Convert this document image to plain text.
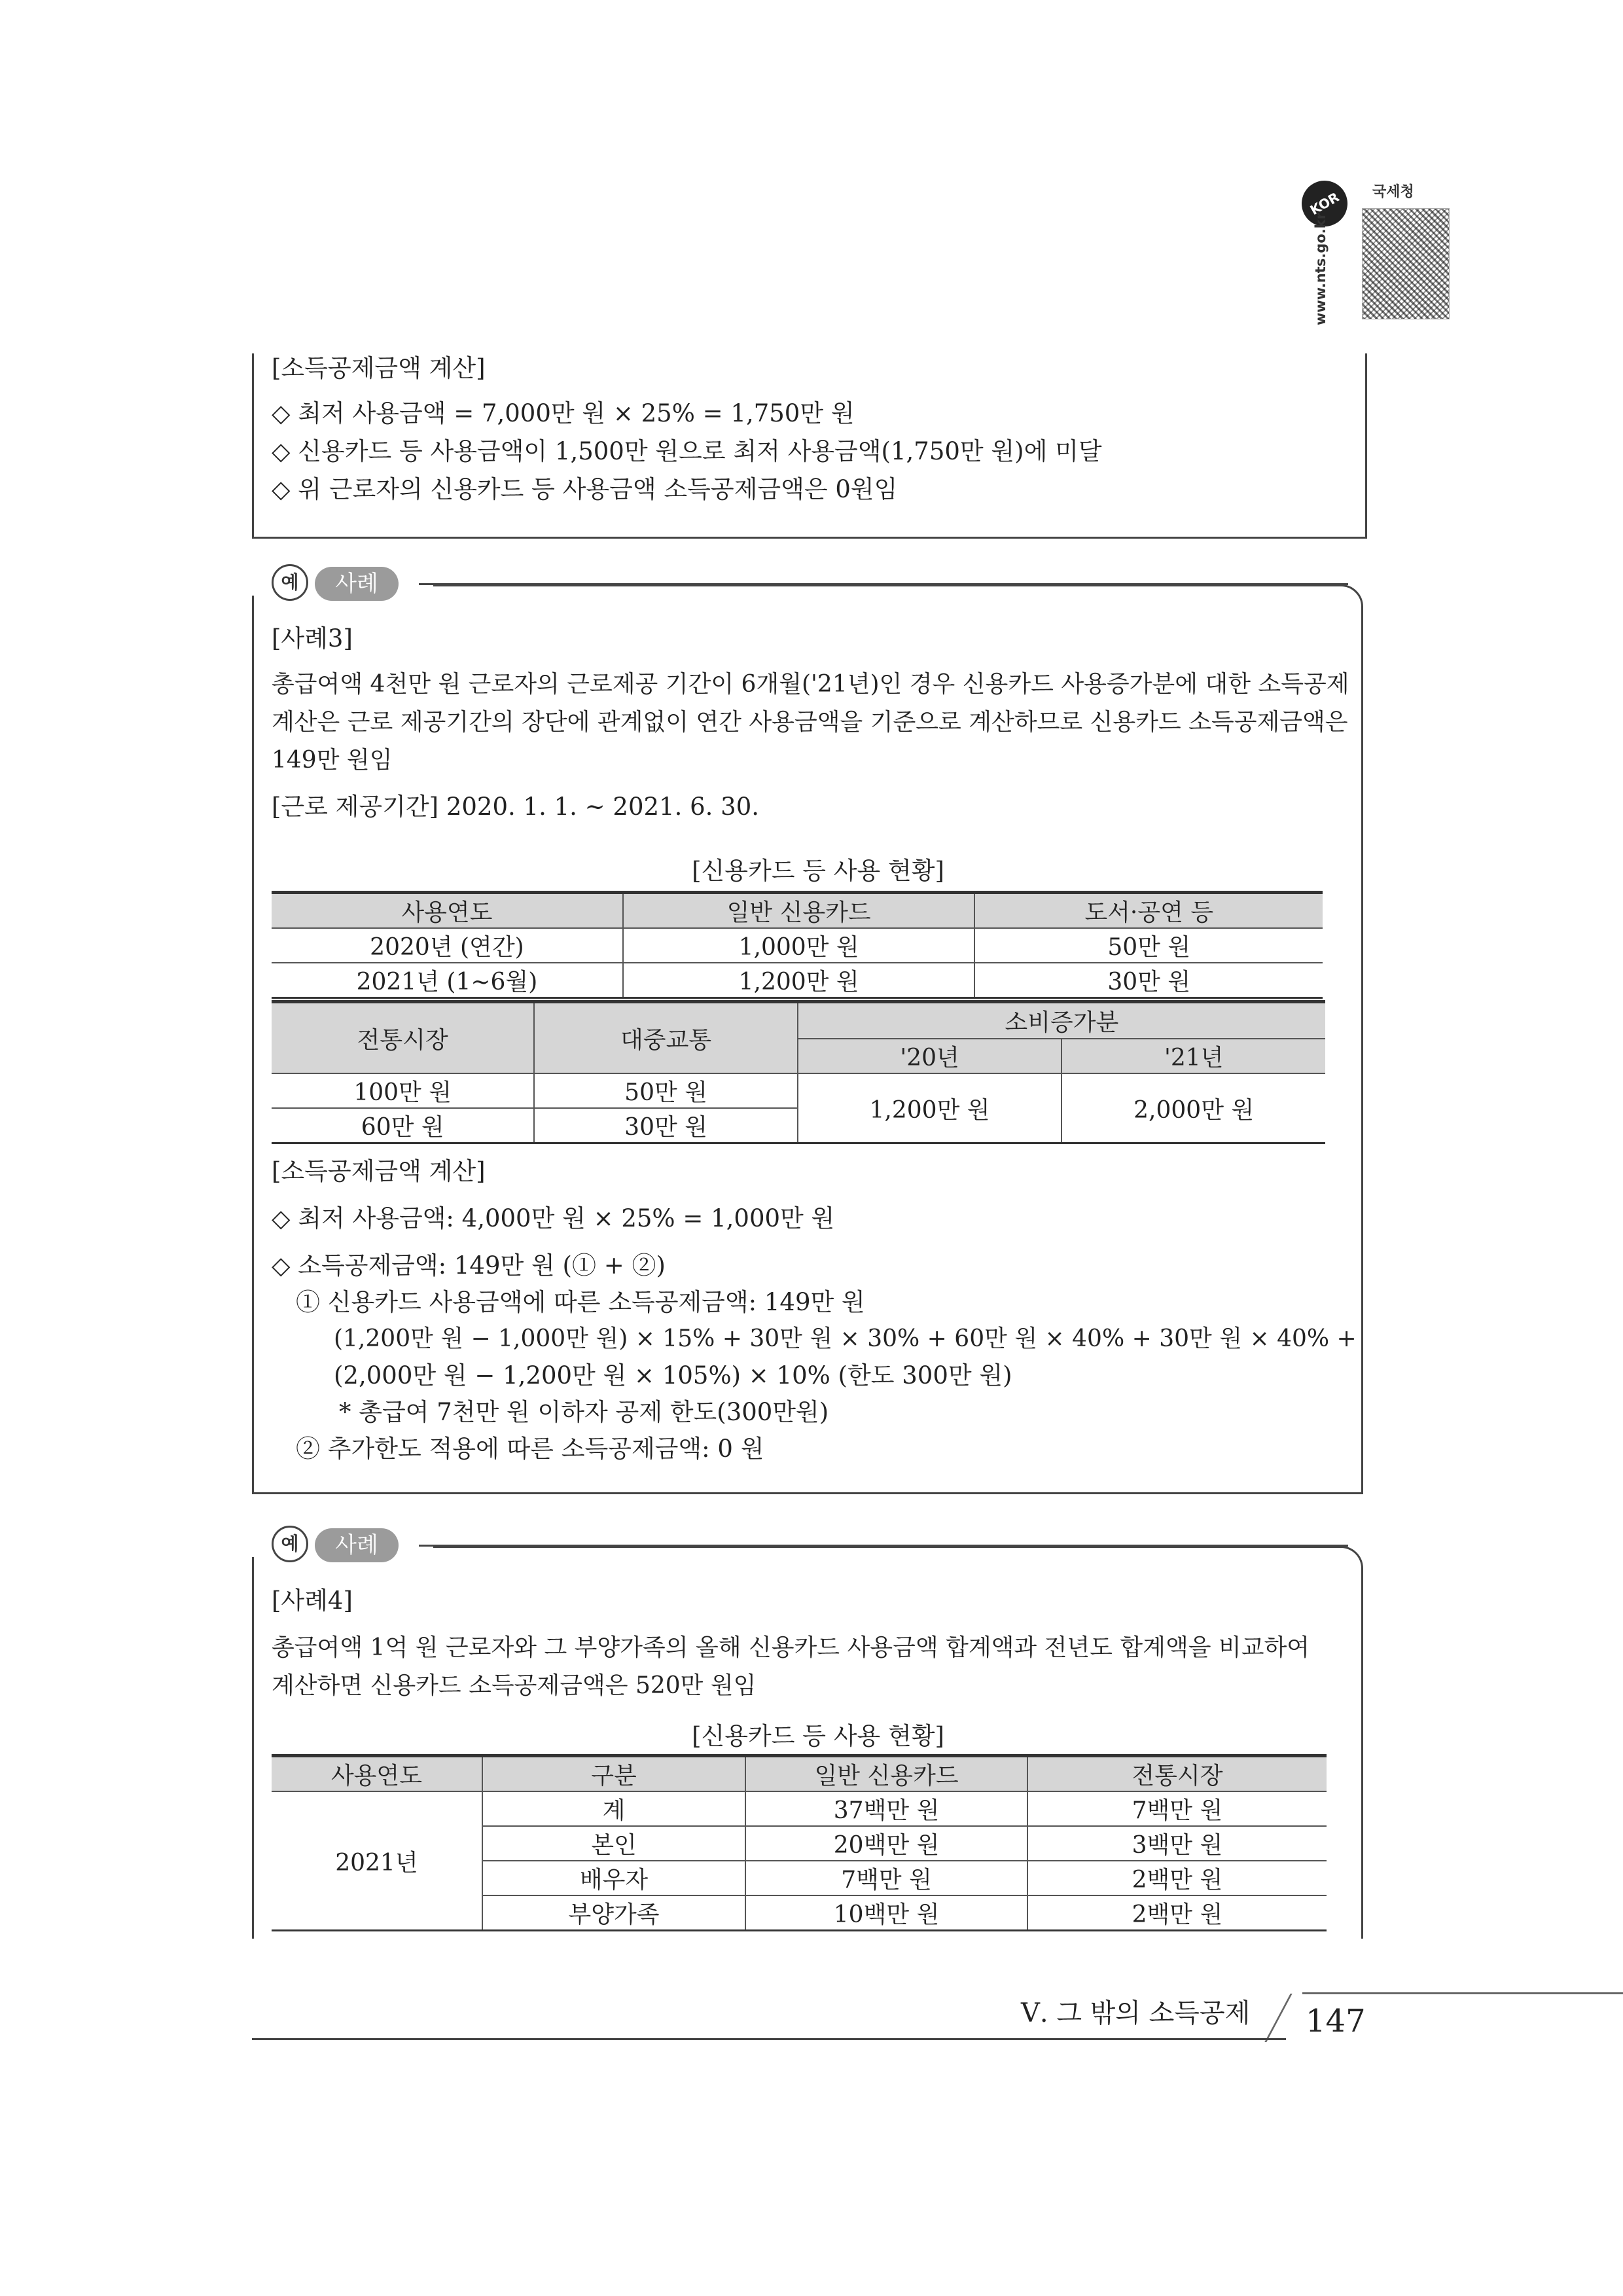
KOR	국세청
www.nts.go.kr

[소득공제금액 계산]

◇ 최저 사용금액 = 7,000만 원 × 25% = 1,750만 원

◇ 신용카드 등 사용금액이 1,500만 원으로 최저 사용금액(1,750만 원)에 미달

◇ 위 근로자의 신용카드 등 사용금액 소득공제금액은 0원임

예	사례

[사례3]

총급여액 4천만 원 근로자의 근로제공 기간이 6개월('21년)인 경우 신용카드 사용증가분에 대한 소득공제

계산은 근로 제공기간의 장단에 관계없이 연간 사용금액을 기준으로 계산하므로 신용카드 소득공제금액은

149만 원임

[근로 제공기간] 2020. 1. 1. ~ 2021. 6. 30.

[신용카드 등 사용 현황]

사용연도	일반 신용카드	도서·공연 등
2020년 (연간)	1,000만 원	50만 원
2021년 (1~6월)	1,200만 원	30만 원
전통시장	대중교통	소비증가분	
		'20년	'21년
100만 원	50만 원	1,200만 원	2,000만 원
60만 원	30만 원		

[소득공제금액 계산]

◇ 최저 사용금액: 4,000만 원 × 25% = 1,000만 원

◇ 소득공제금액: 149만 원 (① + ②)

① 신용카드 사용금액에 따른 소득공제금액: 149만 원

(1,200만 원 − 1,000만 원) × 15% + 30만 원 × 30% + 60만 원 × 40% + 30만 원 × 40% +

(2,000만 원 − 1,200만 원 × 105%) × 10% (한도 300만 원)

* 총급여 7천만 원 이하자 공제 한도(300만원)

② 추가한도 적용에 따른 소득공제금액: 0 원

예	사례

[사례4]

총급여액 1억 원 근로자와 그 부양가족의 올해 신용카드 사용금액 합계액과 전년도 합계액을 비교하여

계산하면 신용카드 소득공제금액은 520만 원임

[신용카드 등 사용 현황]

사용연도	구분	일반 신용카드	전통시장
2021년	계	37백만 원	7백만 원
	본인	20백만 원	3백만 원
	배우자	7백만 원	2백만 원
	부양가족	10백만 원	2백만 원

Ⅴ. 그 밖의 소득공제 147
